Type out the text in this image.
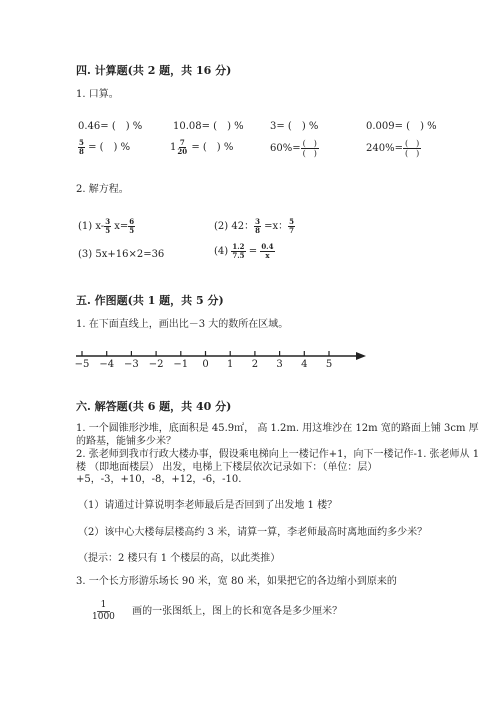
四. 计算题(共 2 题，共 16 分)
1. 口算。
0.46= (　) %	10.08= (　) %	3= (　) %	0.009= (　) %
$\frac{5}{8}$ = (　) %	$1 \frac{7}{20}$ = (　) %	$60\%= \frac{( )}{( )}$	$240\%= \frac{( )}{( )}$
2. 解方程。
(1) $x- \frac{3}{5} x= \frac{6}{5}$	(2) 42： $\frac{3}{8} =x$： $\frac{5}{7}$
(3) 5x+16×2=36	$(4) \frac{1.2}{7.5} = \frac{0.4}{x}$
五. 作图题(共 1 题，共 5 分)
1. 在下面直线上，画出比－3 大的数所在区域。
−5 −4 −3 −2 −1 0 1 2 3 4 5
六. 解答题(共 6 题，共 40 分)
1. 一个圆锥形沙堆，底面积是 45.9㎡， 高 1.2m. 用这堆沙在 12m 宽的路面上铺 3cm 厚的路基，能铺多少米？
2. 张老师到我市行政大楼办事，假设乘电梯向上一楼记作+1，向下一楼记作-1. 张老师从 1 楼 （即地面楼层） 出发，电梯上下楼层依次记录如下：（单位：层）+5，-3，+10，-8，+12，-6，-10.
（1）请通过计算说明李老师最后是否回到了出发地 1 楼？
（2）该中心大楼每层楼高约 3 米，请算一算，李老师最高时离地面约多少米？
（提示：2 楼只有 1 个楼层的高，以此类推）
3. 一个长方形游乐场长 90 米，宽 80 米，如果把它的各边缩小到原来的
$\frac{1}{1000}$ 画的一张图纸上，图上的长和宽各是多少厘米？
